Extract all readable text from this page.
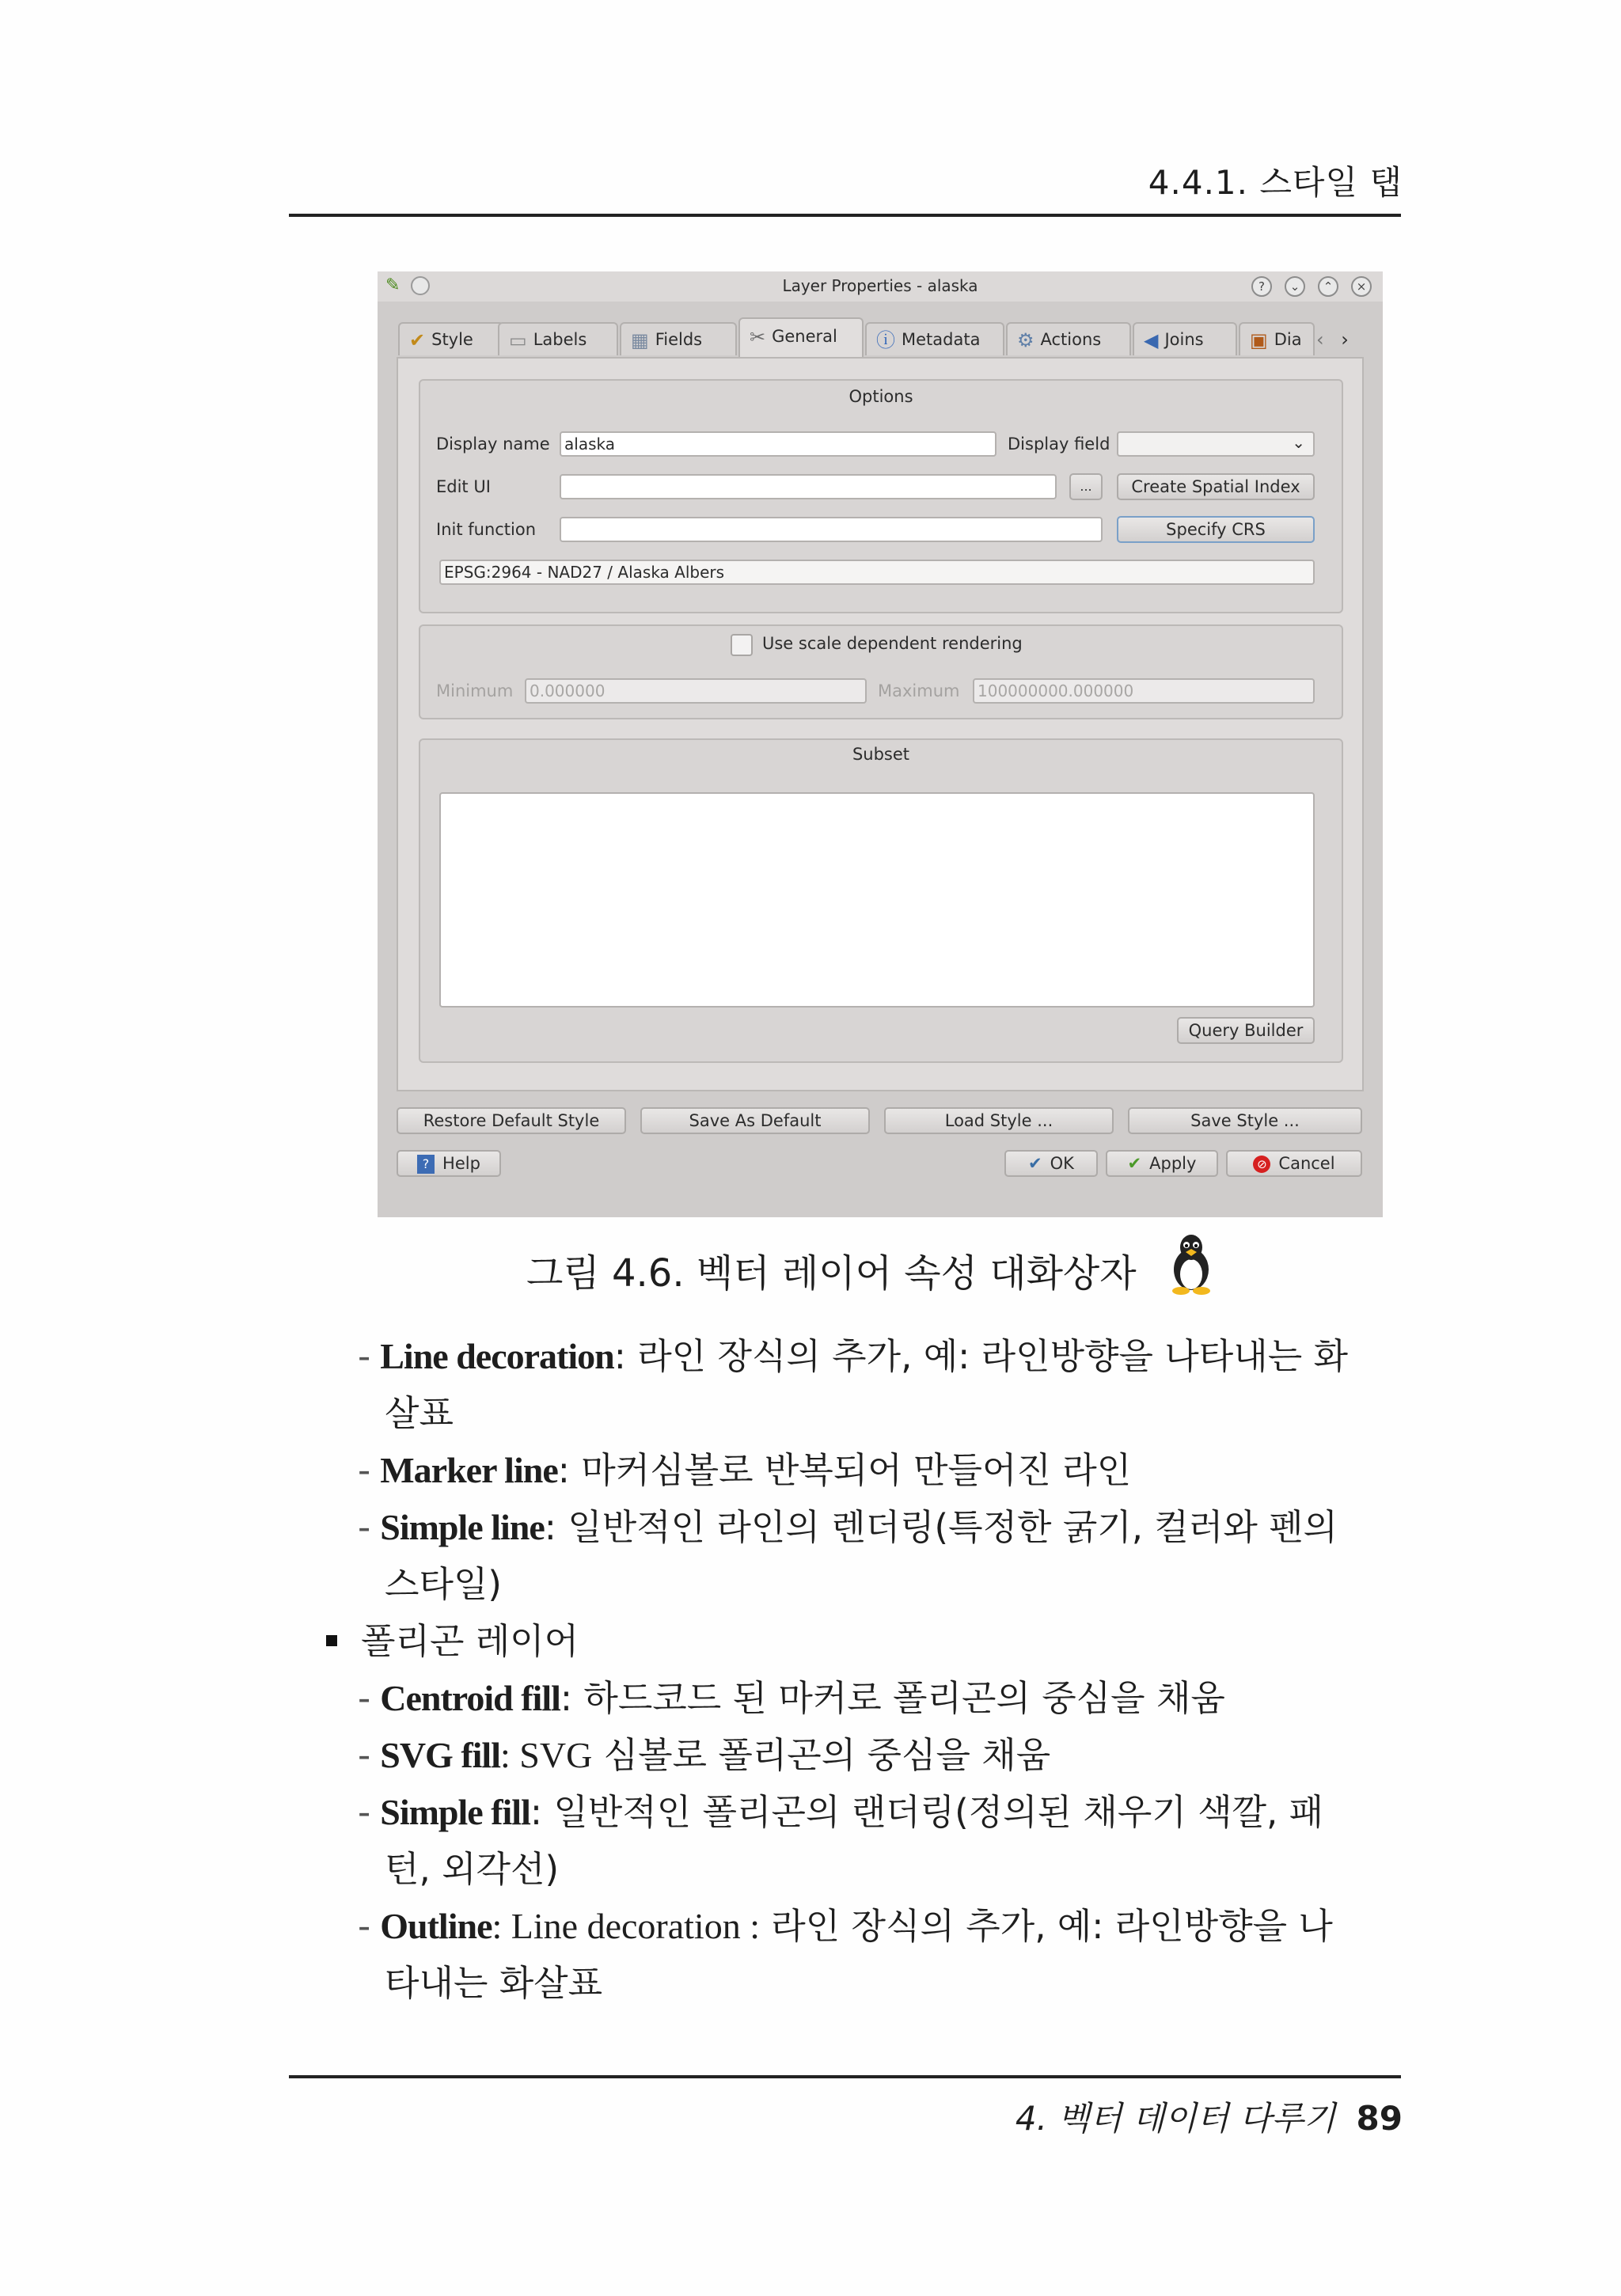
4.4.1. 스타일 탭
✎	Layer Properties - alaska	?	⌄	⌃	×
✔ Style	▭ Labels	▦ Fields	✂ General	ⓘ Metadata	⚙ Actions	◀ Joins	▣ Dia ‹ ›
Options
Display name alaska	Display field	⌄
Edit UI	...	Create Spatial Index
Init function	Specify CRS
EPSG:2964 - NAD27 / Alaska Albers
Use scale dependent rendering
Minimum	0.000000	Maximum	100000000.000000
Subset
Query Builder
Restore Default Style	Save As Default	Load Style ...	Save Style ...
? Help	✔ OK	✔ Apply	⊘ Cancel
그림 4.6. 벡터 레이어 속성 대화상자
- Line decoration: 라인 장식의 추가, 예: 라인방향을 나타내는 화
살표
- Marker line: 마커심볼로 반복되어 만들어진 라인
- Simple line: 일반적인 라인의 렌더링(특정한 굵기, 컬러와 펜의
스타일)
폴리곤 레이어
- Centroid fill: 하드코드 된 마커로 폴리곤의 중심을 채움
- SVG fill: SVG 심볼로 폴리곤의 중심을 채움
- Simple fill: 일반적인 폴리곤의 랜더링(정의된 채우기 색깔, 패
턴, 외각선)
- Outline: Line decoration : 라인 장식의 추가, 예: 라인방향을 나
타내는 화살표
4. 벡터 데이터 다루기 89
